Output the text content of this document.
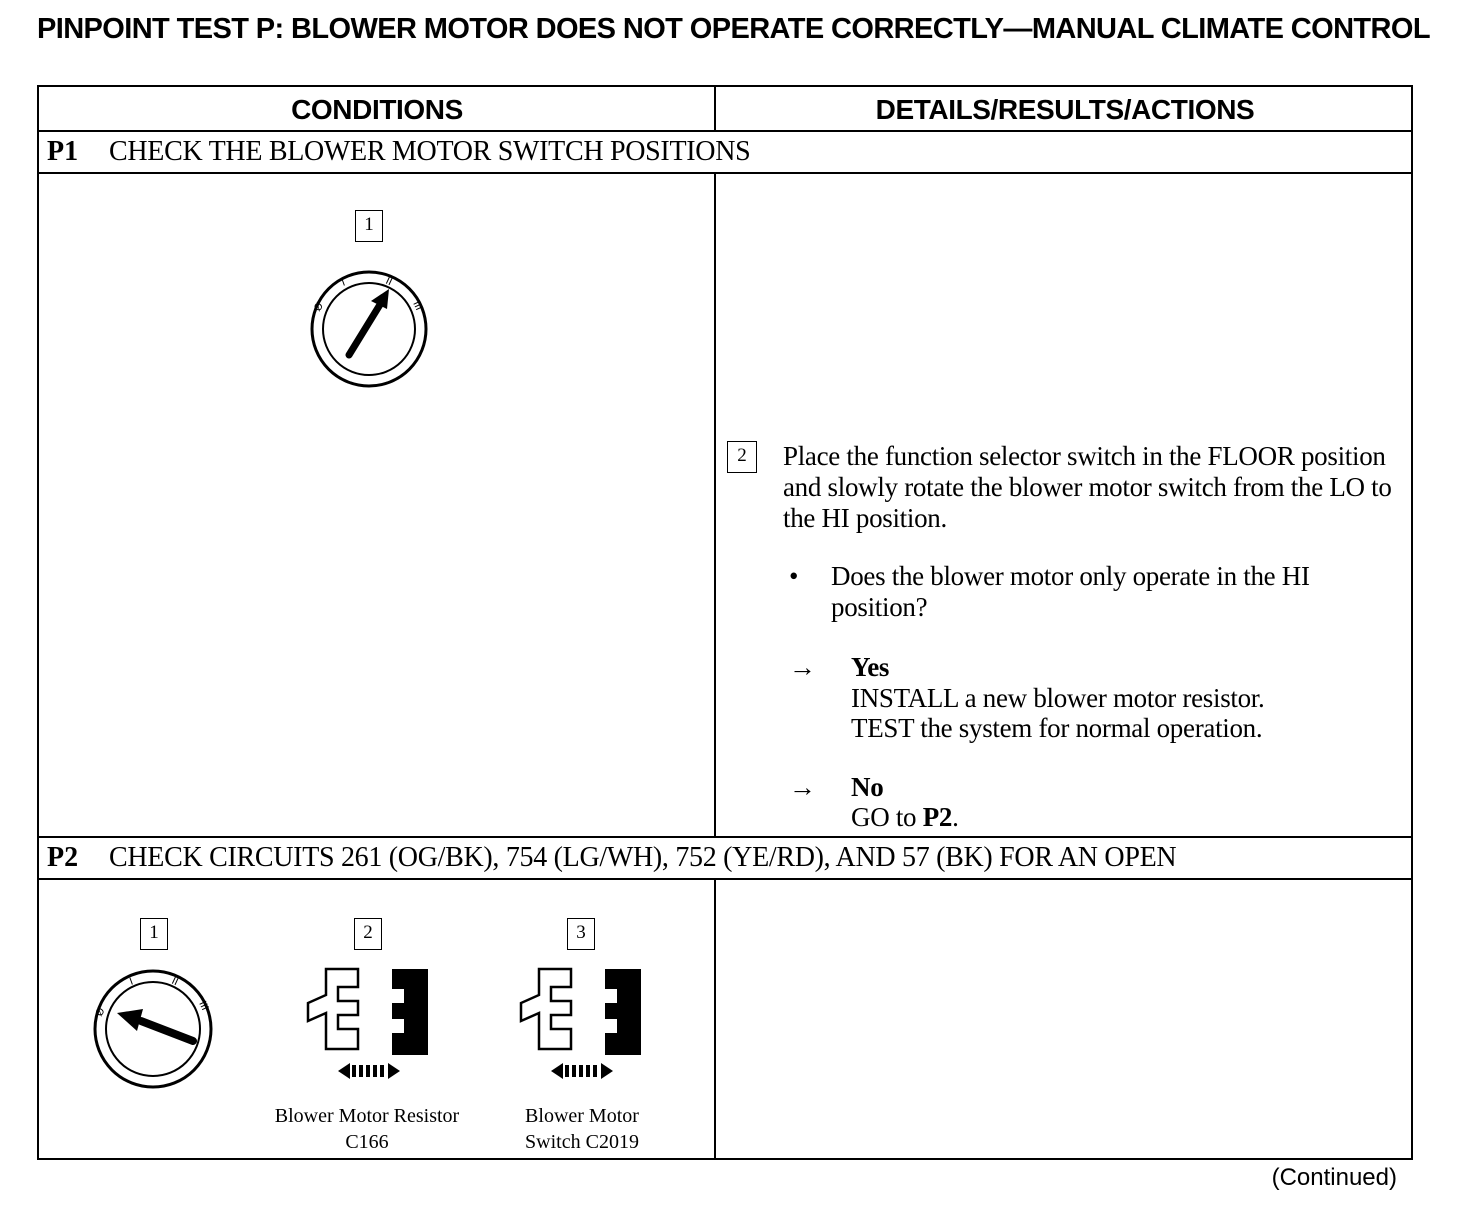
PINPOINT TEST P: BLOWER MOTOR DOES NOT OPERATE CORRECTLY—MANUAL CLIMATE CONTROL
CONDITIONS	DETAILS/RESULTS/ACTIONS
P1 CHECK THE BLOWER MOTOR SWITCH POSITIONS
1
Ø
I	II
III
2	Place the function selector switch in the FLOOR position and slowly rotate the blower motor switch from the LO to the HI position.
• Does the blower motor only operate in the HI position?
→ Yes
INSTALL a new blower motor resistor.
TEST the system for normal operation.
→ No
GO to P2.
P2 CHECK CIRCUITS 261 (OG/BK), 754 (LG/WH), 752 (YE/RD), AND 57 (BK) FOR AN OPEN
1
Ø
I	II
III
2
Blower Motor Resistor
C166
3
Blower Motor
Switch C2019
(Continued)
